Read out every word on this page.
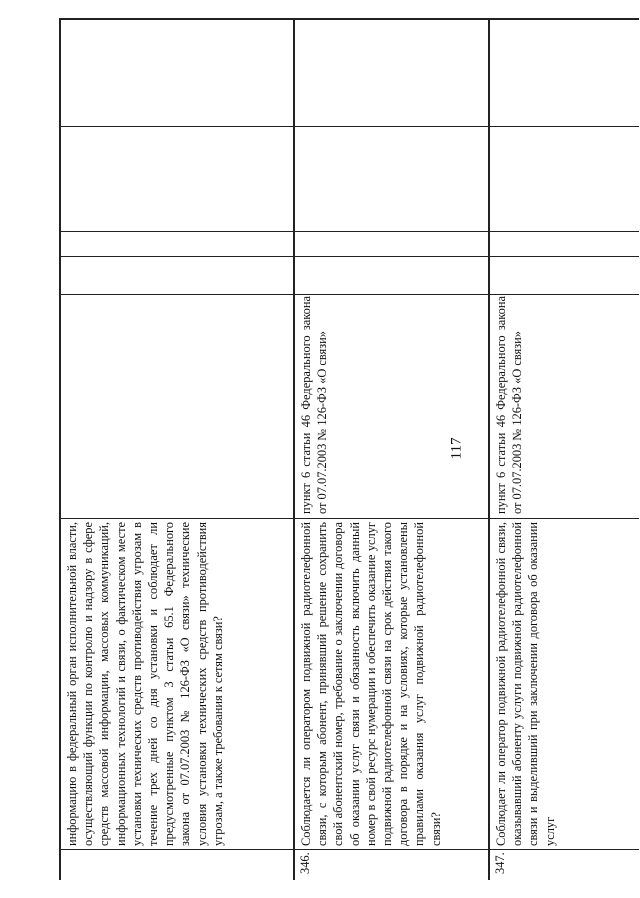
117
информацию в федеральный орган исполнительной власти, осуществляющий функции по контролю и надзору в сфере средств массовой информации, массовых коммуникаций, информационных технологий и связи, о фактическом месте установки технических средств противодействия угрозам в течение трех дней со дня установки и соблюдает ли предусмотренные пунктом 3 статьи 65.1 Федерального закона от 07.07.2003 № 126-ФЗ «О связи» технические условия установки технических средств противодействия угрозам, а также требования к сетям связи?
346.
Соблюдается ли оператором подвижной радиотелефонной связи, с которым абонент, принявший решение сохранить свой абонентский номер, требование о заключении договора об оказании услуг связи и обязанность включить данный номер в свой ресурс нумерации и обеспечить оказание услуг подвижной радиотелефонной связи на срок действия такого договора в порядке и на условиях, которые установлены правилами оказания услуг подвижной радиотелефонной связи?
пункт 6 статьи 46 Федерального закона от 07.07.2003 № 126-ФЗ «О связи»
347.
Соблюдает ли оператор подвижной радиотелефонной связи, оказывавший абоненту услуги подвижной радиотелефонной связи и выделивший при заключении договора об оказании услуг
пункт 6 статьи 46 Федерального закона от 07.07.2003 № 126-ФЗ «О связи»
